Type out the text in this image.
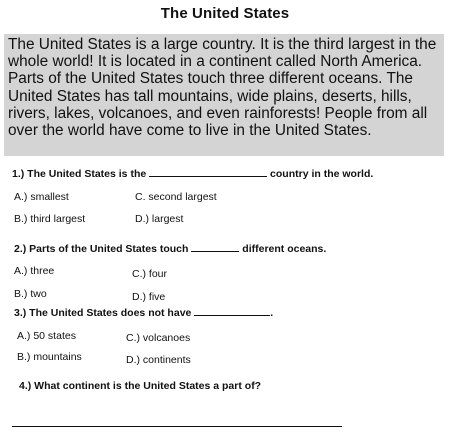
The United States

The United States is a large country. It is the third largest in the whole world! It is located in a continent called North America. Parts of the United States touch three different oceans. The United States has tall mountains, wide plains, deserts, hills, rivers, lakes, volcanoes, and even rainforests! People from all over the world have come to live in the United States.

1.) The United States is the	country in the world.
A.) smallest	C. second largest
B.) third largest	D.) largest
2.) Parts of the United States touch	different oceans.
A.) three	C.) four
B.) two	D.) five
3.) The United States does not have	.
A.) 50 states	C.) volcanoes
B.) mountains	D.) continents
4.) What continent is the United States a part of?
